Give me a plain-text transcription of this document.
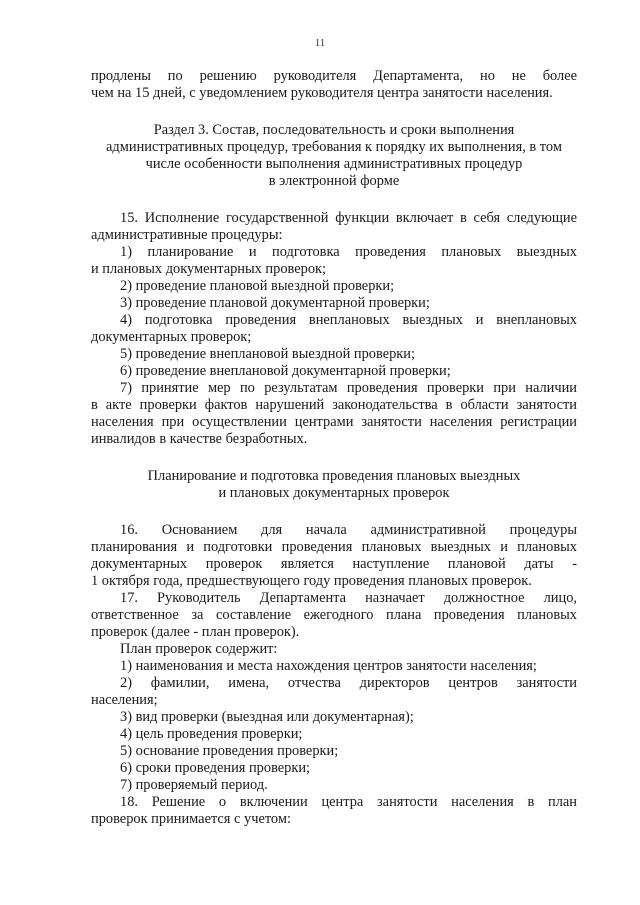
11

продлены по решению руководителя Департамента, но не более

чем на 15 дней, с уведомлением руководителя центра занятости населения.

Раздел 3. Состав, последовательность и сроки выполнения

административных процедур, требования к порядку их выполнения, в том

числе особенности выполнения административных процедур

в электронной форме

15. Исполнение государственной функции включает в себя следующие

административные процедуры:

1) планирование и подготовка проведения плановых выездных

и плановых документарных проверок;

2) проведение плановой выездной проверки;

3) проведение плановой документарной проверки;

4) подготовка проведения внеплановых выездных и внеплановых

документарных проверок;

5) проведение внеплановой выездной проверки;

6) проведение внеплановой документарной проверки;

7) принятие мер по результатам проведения проверки при наличии

в акте проверки фактов нарушений законодательства в области занятости

населения при осуществлении центрами занятости населения регистрации

инвалидов в качестве безработных.

Планирование и подготовка проведения плановых выездных

и плановых документарных проверок

16. Основанием для начала административной процедуры

планирования и подготовки проведения плановых выездных и плановых

документарных проверок является наступление плановой даты -

1 октября года, предшествующего году проведения плановых проверок.

17. Руководитель Департамента назначает должностное лицо,

ответственное за составление ежегодного плана проведения плановых

проверок (далее - план проверок).

План проверок содержит:

1) наименования и места нахождения центров занятости населения;

2) фамилии, имена, отчества директоров центров занятости

населения;

3) вид проверки (выездная или документарная);

4) цель проведения проверки;

5) основание проведения проверки;

6) сроки проведения проверки;

7) проверяемый период.

18. Решение о включении центра занятости населения в план

проверок принимается с учетом:
